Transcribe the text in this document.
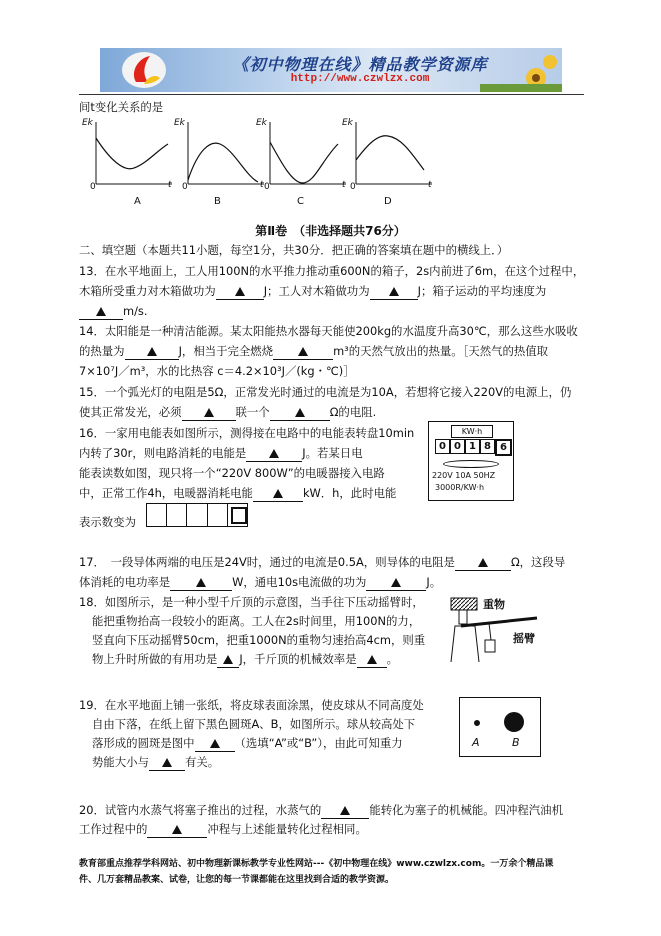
《初中物理在线》精品教学资源库
http://www.czwlzx.com
间t变化关系的是
Ek
0	t
Ek
0	t
Ek
0	t
Ek
0	t
A	B	C	D
第Ⅱ卷　（非选择题共76分）
二、填空题（本题共11小题，每空1分，共30分．把正确的答案填在题中的横线上．）
13．在水平地面上，工人用100N的水平推力推动重600N的箱子，2s内前进了6m，在这个过程中，
木箱所受重力对木箱做功为	J；工人对木箱做功为	J；箱子运动的平均速度为
m/s.
14．太阳能是一种清洁能源。某太阳能热水器每天能使200kg的水温度升高30℃，那么这些水吸收
的热量为	J，相当于完全燃烧	m³的天然气放出的热量。［天然气的热值取
7×10⁷J／m³，水的比热容 c＝4.2×10³J／(kg・℃)］
15．一个弧光灯的电阻是5Ω，正常发光时通过的电流是为10A，若想将它接入220V的电源上，仍
使其正常发光，必须	联一个	Ω的电阻.
16．一家用电能表如图所示，测得接在电路中的电能表转盘10min
内转了30r，则电路消耗的电能是	J。若某日电
能表读数如图，现只将一个“220V 800W”的电暖器接入电路
中，正常工作4h，电暖器消耗电能	kW．h，此时电能
表示数变为
KW·h
0 0 1 8 6
220V 10A 50HZ
3000R/KW·h
17．　一段导体两端的电压是24V时，通过的电流是0.5A，则导体的电阻是	Ω，这段导
体消耗的电功率是	W，通电10s电流做的功为	J。
18．如图所示，是一种小型千斤顶的示意图，当手往下压动摇臂时，
能把重物抬高一段较小的距离。工人在2s时间里，用100N的力，
竖直向下压动摇臂50cm，把重1000N的重物匀速抬高4cm，则重
物上升时所做的有用功是 J，千斤顶的机械效率是	。
重物
摇臂
19．在水平地面上铺一张纸，将皮球表面涂黑，使皮球从不同高度处
自由下落，在纸上留下黑色圆斑A、B，如图所示。球从较高处下
落形成的圆斑是图中	（选填“A”或“B”），由此可知重力
势能大小与	有关。
A	B
20．试管内水蒸气将塞子推出的过程，水蒸气的	能转化为塞子的机械能。四冲程汽油机
工作过程中的	冲程与上述能量转化过程相同。
教育部重点推荐学科网站、初中物理新课标教学专业性网站---《初中物理在线》www.czwlzx.com。一万余个精品课
件、几万套精品教案、试卷，让您的每一节课都能在这里找到合适的教学资源。
